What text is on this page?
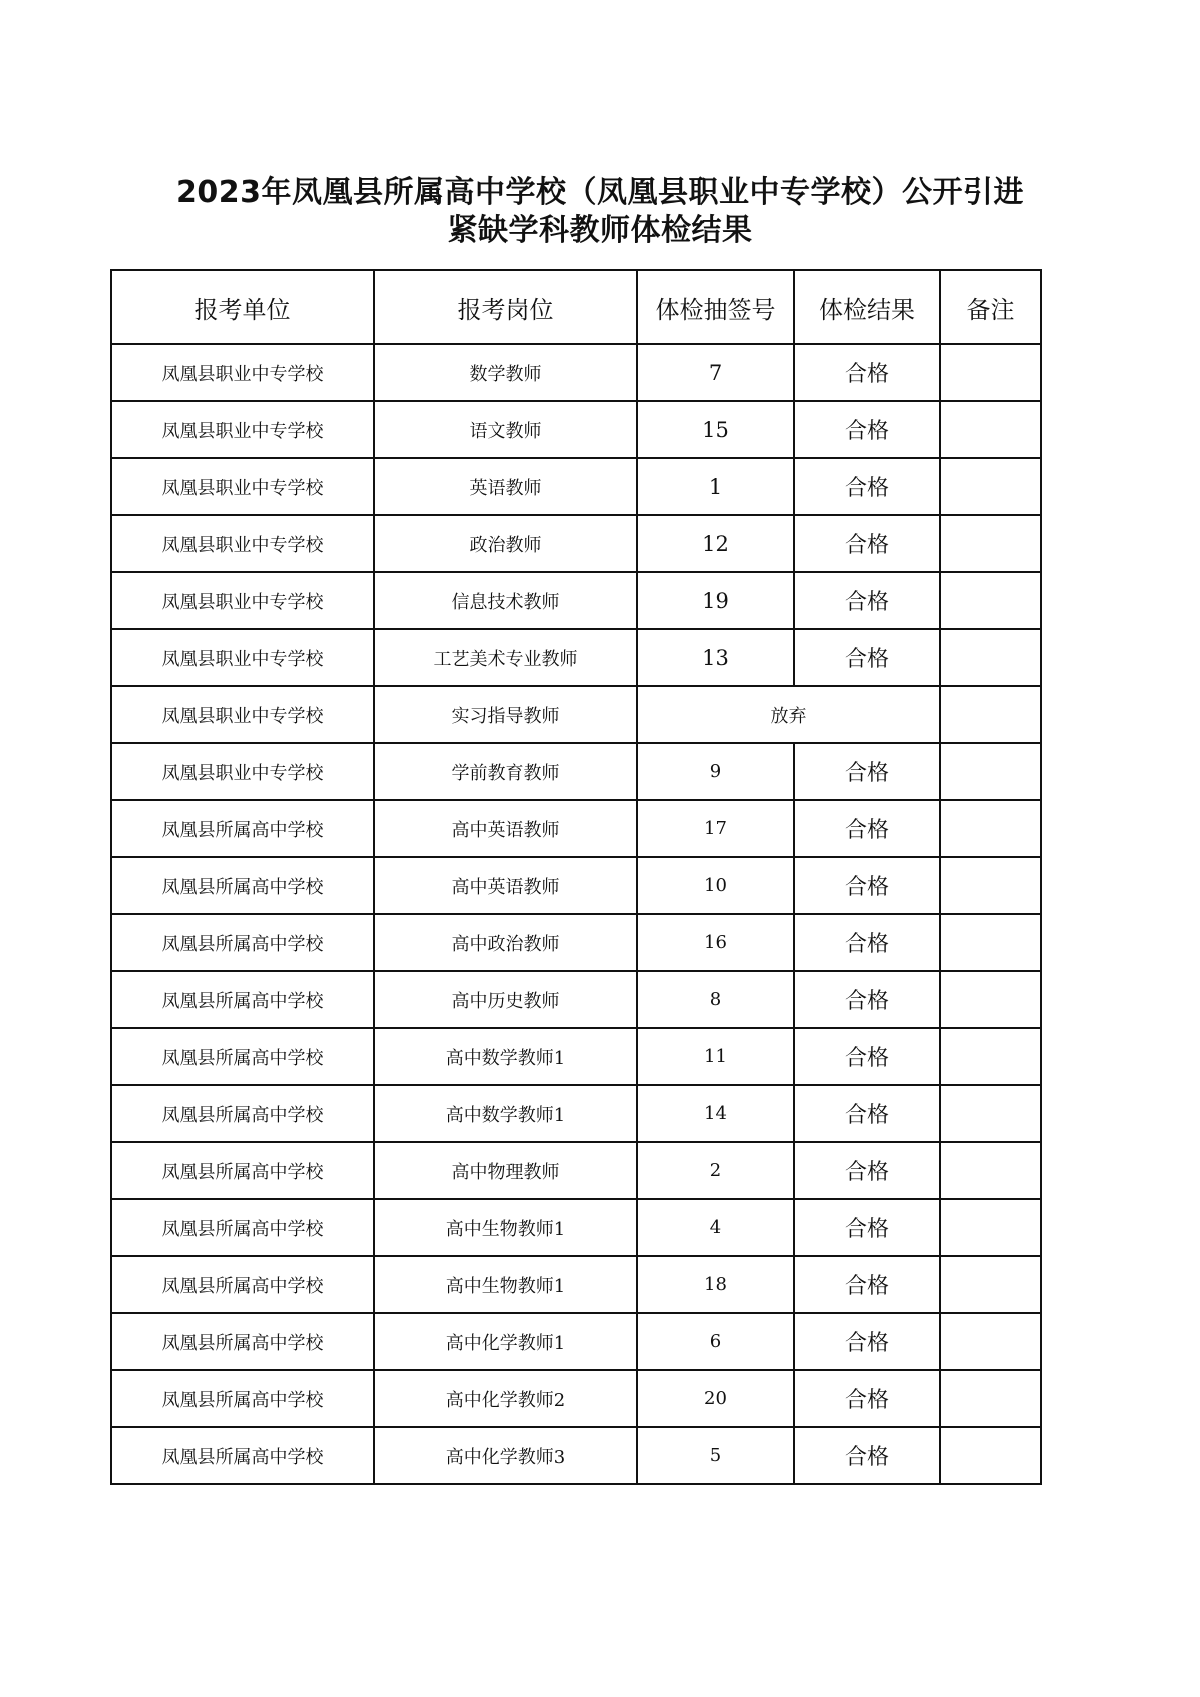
2023年凤凰县所属高中学校（凤凰县职业中专学校）公开引进
紧缺学科教师体检结果
报考单位	报考岗位	体检抽签号	体检结果	备注
凤凰县职业中专学校	数学教师	7	合格	
凤凰县职业中专学校	语文教师	15	合格	
凤凰县职业中专学校	英语教师	1	合格	
凤凰县职业中专学校	政治教师	12	合格	
凤凰县职业中专学校	信息技术教师	19	合格	
凤凰县职业中专学校	工艺美术专业教师	13	合格	
凤凰县职业中专学校	实习指导教师	放弃		
凤凰县职业中专学校	学前教育教师	9	合格	
凤凰县所属高中学校	高中英语教师	17	合格	
凤凰县所属高中学校	高中英语教师	10	合格	
凤凰县所属高中学校	高中政治教师	16	合格	
凤凰县所属高中学校	高中历史教师	8	合格	
凤凰县所属高中学校	高中数学教师1	11	合格	
凤凰县所属高中学校	高中数学教师1	14	合格	
凤凰县所属高中学校	高中物理教师	2	合格	
凤凰县所属高中学校	高中生物教师1	4	合格	
凤凰县所属高中学校	高中生物教师1	18	合格	
凤凰县所属高中学校	高中化学教师1	6	合格	
凤凰县所属高中学校	高中化学教师2	20	合格	
凤凰县所属高中学校	高中化学教师3	5	合格	
